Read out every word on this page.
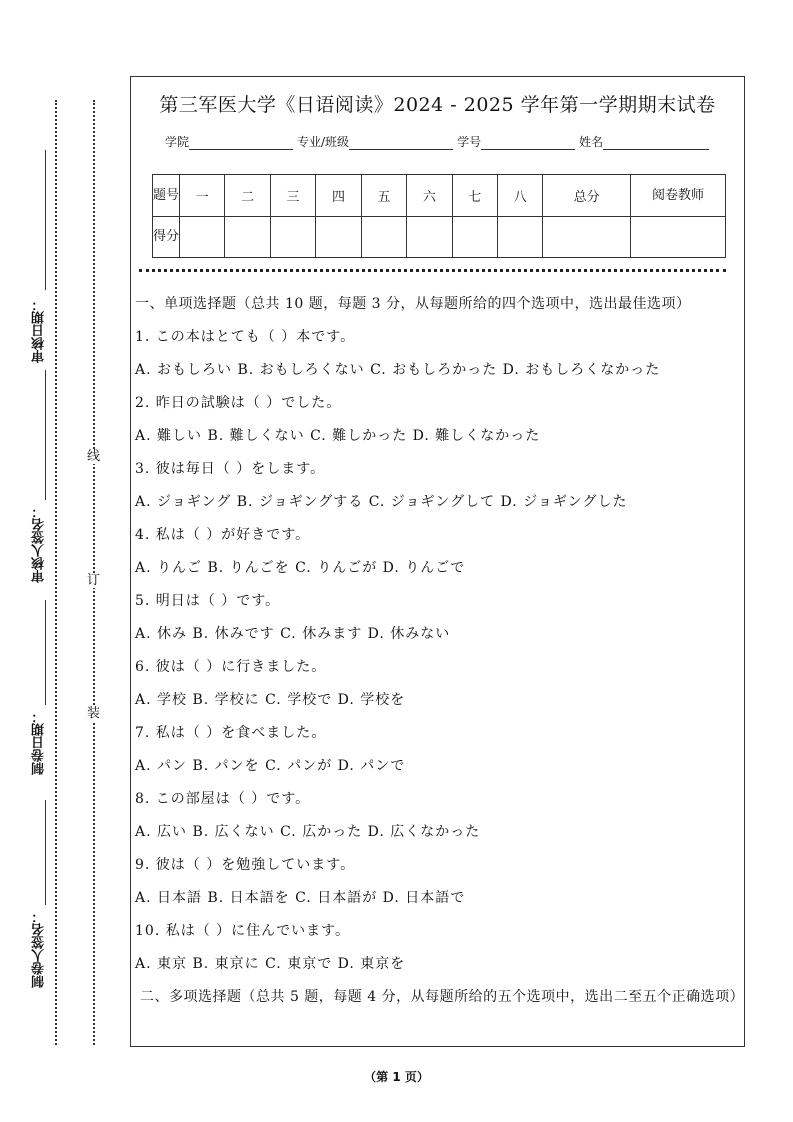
审核日期：
审核人签名：
制卷日期：
制卷人签名：
线
订
装
第三军医大学《日语阅读》2024 - 2025 学年第一学期期末试卷
学院	专业/班级	学号	姓名
题号	一	二	三	四	五	六	七	八	总分	阅卷教师
得分										
一、单项选择题（总共 10 题，每题 3 分，从每题所给的四个选项中，选出最佳选项）
1. この本はとても（ ）本です。
A. おもしろい B. おもしろくない C. おもしろかった D. おもしろくなかった
2. 昨日の試験は（ ）でした。
A. 難しい B. 難しくない C. 難しかった D. 難しくなかった
3. 彼は毎日（ ）をします。
A. ジョギング B. ジョギングする C. ジョギングして D. ジョギングした
4. 私は（ ）が好きです。
A. りんご B. りんごを C. りんごが D. りんごで
5. 明日は（ ）です。
A. 休み B. 休みです C. 休みます D. 休みない
6. 彼は（ ）に行きました。
A. 学校 B. 学校に C. 学校で D. 学校を
7. 私は（ ）を食べました。
A. パン B. パンを C. パンが D. パンで
8. この部屋は（ ）です。
A. 広い B. 広くない C. 広かった D. 広くなかった
9. 彼は（ ）を勉強しています。
A. 日本語 B. 日本語を C. 日本語が D. 日本語で
10. 私は（ ）に住んでいます。
A. 東京 B. 東京に C. 東京で D. 東京を
二、多项选择题（总共 5 题，每题 4 分，从每题所给的五个选项中，选出二至五个正确选项）
（第 1 页）
